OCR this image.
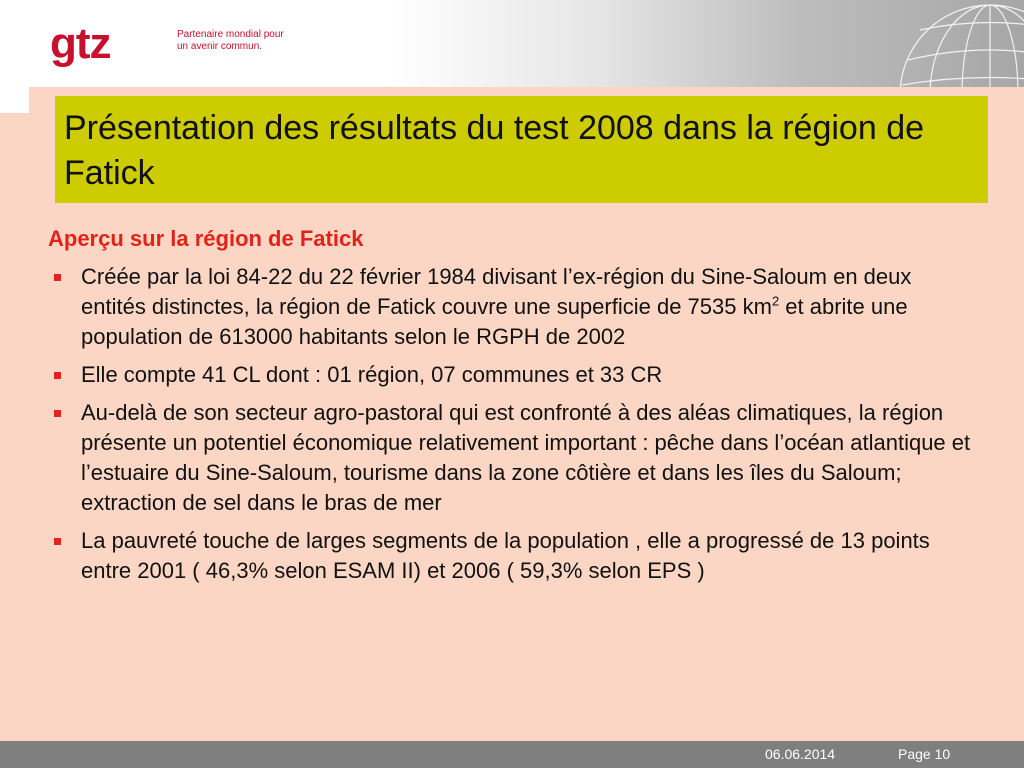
gtz	Partenaire mondial pour
un avenir commun.
Présentation des résultats du test 2008 dans la région de Fatick

Aperçu sur la région de Fatick

Créée par la loi 84-22 du 22 février 1984 divisant l’ex-région du Sine-Saloum en deux entités distinctes, la région de Fatick couvre une superficie de 7535 $km^2$ et abrite une population de 613000 habitants selon le RGPH de 2002
Elle compte 41 CL dont : 01 région, 07 communes et 33 CR
Au-delà de son secteur agro-pastoral qui est confronté à des aléas climatiques, la région présente un potentiel économique relativement important : pêche dans l’océan atlantique et l’estuaire du Sine-Saloum, tourisme dans la zone côtière et dans les îles du Saloum; extraction de sel dans le bras de mer
La pauvreté touche de larges segments de la population , elle a progressé de 13 points entre 2001 ( 46,3% selon ESAM II) et 2006 ( 59,3% selon EPS )
06.06.2014	Page 10
